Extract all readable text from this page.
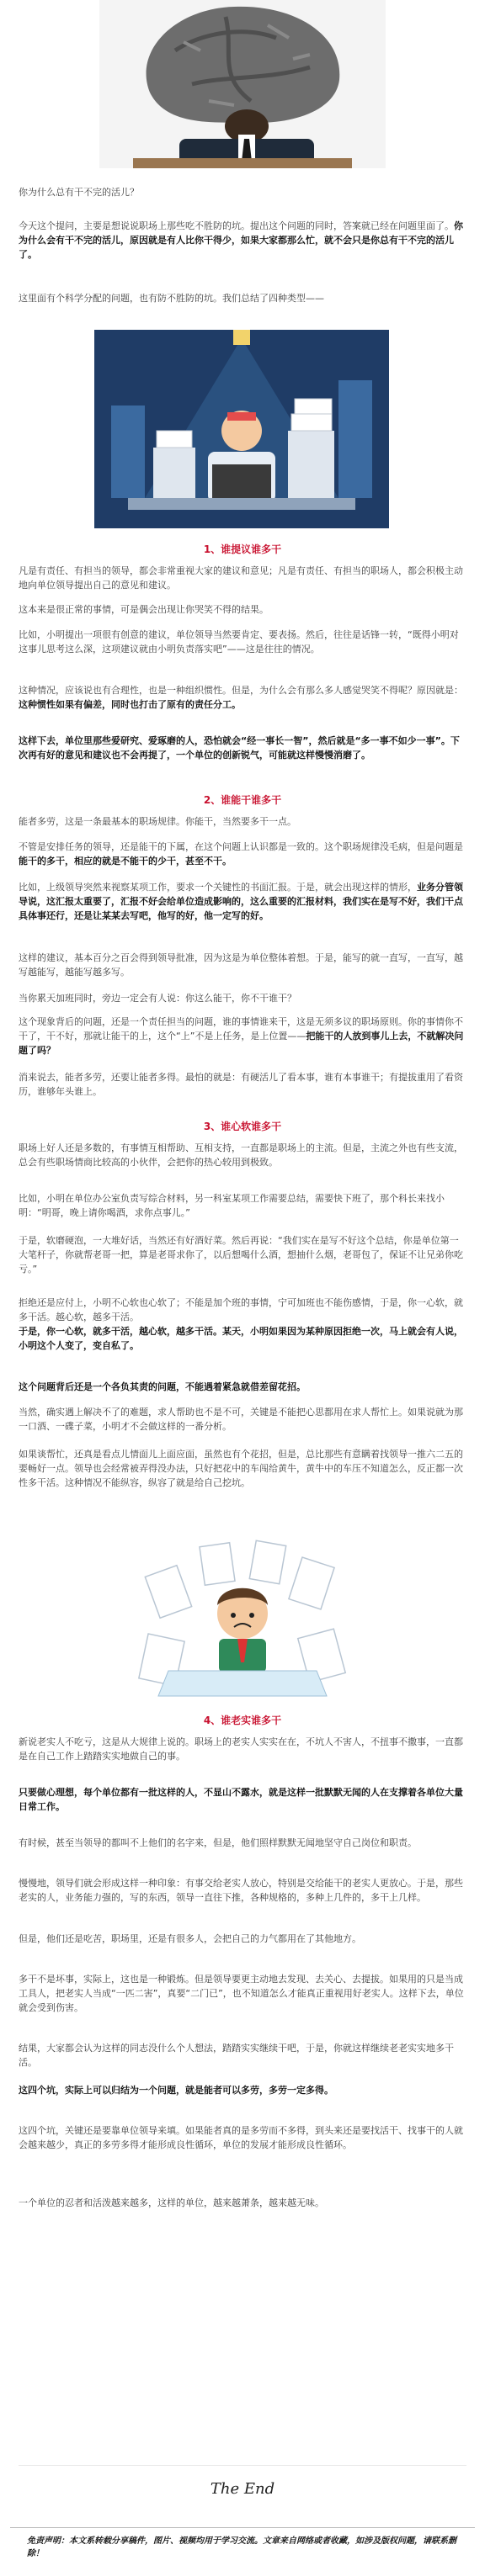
你为什么总有干不完的活儿？

今天这个提问，主要是想说说职场上那些吃不胜防的坑。提出这个问题的同时，答案就已经在问题里面了。你为什么会有干不完的活儿，原因就是有人比你干得少，如果大家都那么忙，就不会只是你总有干不完的活儿了。

这里面有个科学分配的问题，也有防不胜防的坑。我们总结了四种类型——

1、谁提议谁多干

凡是有责任、有担当的领导，都会非常重视大家的建议和意见；凡是有责任、有担当的职场人，都会积极主动地向单位领导提出自己的意见和建议。

这本来是很正常的事情，可是偶会出现让你哭笑不得的结果。

比如，小明提出一项很有创意的建议，单位领导当然要肯定、要表扬。然后，往往是话锋一转，“既得小明对这事儿思考这么深，这项建议就由小明负责落实吧”——这是往往的情况。

这种情况，应该说也有合理性，也是一种组织惯性。但是，为什么会有那么多人感觉哭笑不得呢？原因就是：这种惯性如果有偏差，同时也打击了原有的责任分工。

这样下去，单位里那些爱研究、爱琢磨的人，恐怕就会“经一事长一智”，然后就是“多一事不如少一事”。下次再有好的意见和建议也不会再提了，一个单位的创新锐气，可能就这样慢慢消磨了。

2、谁能干谁多干

能者多劳，这是一条最基本的职场规律。你能干，当然要多干一点。

不管是安排任务的领导，还是能干的下属，在这个问题上认识都是一致的。这个职场规律没毛病，但是问题是能干的多干，相应的就是不能干的少干，甚至不干。

比如，上级领导突然来视察某项工作，要求一个关键性的书面汇报。于是，就会出现这样的情形，业务分管领导说，这汇报太重要了，汇报不好会给单位造成影响的，这么重要的汇报材料，我们实在是写不好，我们干点具体事还行，还是让某某去写吧，他写的好，他一定写的好。

这样的建议，基本百分之百会得到领导批准，因为这是为单位整体着想。于是，能写的就一直写，一直写，越写越能写，越能写越多写。

当你累天加班同时，旁边一定会有人说：你这么能干，你不干谁干？

这个现象背后的问题，还是一个责任担当的问题，谁的事情谁来干，这是无须多议的职场原则。你的事情你不干了，干不好，那就让能干的上，这个“上”不是上任务，是上位置——把能干的人放到事儿上去，不就解决问题了吗？

消来说去，能者多劳，还要让能者多得。最怕的就是：有硬活儿了看本事，谁有本事谁干；有提拔重用了看资历，谁够年头谁上。

3、谁心软谁多干

职场上好人还是多数的，有事情互相帮助、互相支持，一直都是职场上的主流。但是，主流之外也有些支流，总会有些职场情商比较高的小伙伴，会把你的热心较用到极致。

比如，小明在单位办公室负责写综合材料，另一科室某项工作需要总结，需要快下班了，那个科长来找小明：“明哥，晚上请你喝酒，求你点事儿。”

于是，软磨硬泡，一大堆好话，当然还有好酒好菜。然后再说：“我们实在是写不好这个总结，你是单位第一大笔杆子，你就帮老哥一把，算是老哥求你了，以后想喝什么酒，想抽什么烟，老哥包了，保证不让兄弟你吃亏。”

拒绝还是应付上，小明不心软也心软了；不能是加个班的事情，宁可加班也不能伤感情，于是，你一心软，就多干活。越心软，越多干活。

于是，你一心软，就多干活，越心软，越多干活。某天，小明如果因为某种原因拒绝一次，马上就会有人说，小明这个人变了，变自私了。

这个问题背后还是一个各负其责的问题，不能遇着紧急就借差留花招。

当然，确实遇上解决不了的难题，求人帮助也不是不可，关键是不能把心思都用在求人帮忙上。如果说就为那一口酒、一碟子菜，小明才不会做这样的一番分析。

如果谈帮忙，还真是看点儿情面儿上面应面，虽然也有个花招，但是，总比那些有意瞒着找领导一推六二五的要畅好一点。领导也会经常被弄得没办法，只好把花中的车闯给黄牛，黄牛中的车压不知道怎么，反正都一次性多干活。这种情况不能纵容，纵容了就是给自己挖坑。

4、谁老实谁多干

新说老实人不吃亏，这是从大规律上说的。职场上的老实人实实在在，不坑人不害人，不扭事不撒事，一直都是在自己工作上踏踏实实地做自己的事。

只要做心理想，每个单位都有一批这样的人，不显山不露水，就是这样一批默默无闻的人在支撑着各单位大量日常工作。

有时候，甚至当领导的都叫不上他们的名字来，但是，他们照样默默无闻地坚守自己岗位和职责。

慢慢地，领导们就会形成这样一种印象：有事交给老实人放心，特别是交给能干的老实人更放心。于是，那些老实的人，业务能力强的，写的东西，领导一直往下推，各种规格的，多种上几件的，多干上几样。

但是，他们还是吃苦，职场里，还是有很多人，会把自己的力气都用在了其他地方。

多干不是坏事，实际上，这也是一种锻炼。但是领导要更主动地去发现、去关心、去提拔。如果用的只是当成工具人，把老实人当成“一匹二害”，真要“二门已”，也不知道怎么才能真正重视用好老实人。这样下去，单位就会受到伤害。

结果，大家都会认为这样的同志没什么个人想法，踏踏实实继续干吧，于是，你就这样继续老老实实地多干活。

这四个坑，实际上可以归结为一个问题，就是能者可以多劳，多劳一定多得。

这四个坑，关键还是要靠单位领导来填。如果能者真的是多劳而不多得，到头来还是要找活干、找事干的人就会越来越少，真正的多劳多得才能形成良性循环，单位的发展才能形成良性循环。

一个单位的忍者和活泼越来越多，这样的单位，越来越萧条，越来越无味。

The End
免责声明：本文系转载分享稿件，图片、视频均用于学习交流。文章来自网络或者收藏，如涉及版权问题，请联系删除！
